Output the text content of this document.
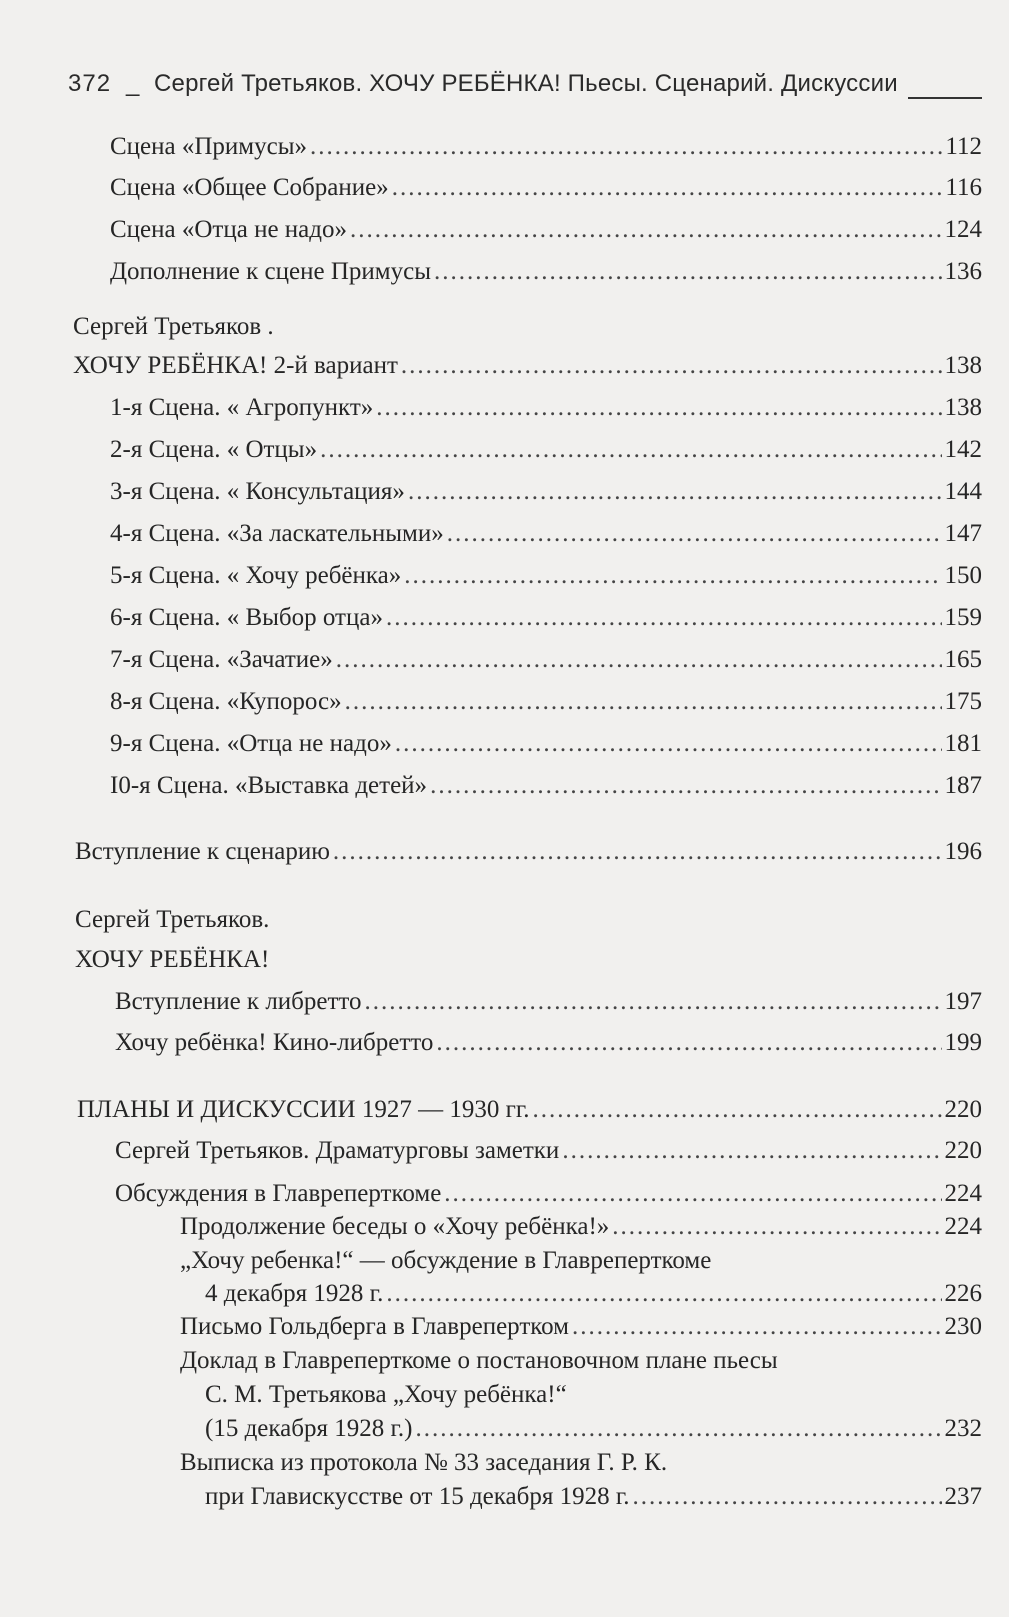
372 _ Сергей Третьяков. ХОЧУ РЕБЁНКА! Пьесы. Сценарий. Дискуссии
Сцена «Примусы» .....	112
Сцена «Общее Собрание» .....	116
Сцена «Отца не надо» .....	124
Дополнение к сцене Примусы .....	136
Сергей Третьяков .
ХОЧУ РЕБЁНКА! 2-й вариант .....	138
1-я Сцена. « Агропункт» .....	138
2-я Сцена. « Отцы» .....	142
3-я Сцена. « Консультация» .....	144
4-я Сцена. «За ласкательными» .....	147
5-я Сцена. « Хочу ребёнка» .....	150
6-я Сцена. « Выбор отца» .....	159
7-я Сцена. «Зачатие» .....	165
8-я Сцена. «Купорос» .....	175
9-я Сцена. «Отца не надо» .....	181
I0-я Сцена. «Выставка детей» .....	187
Вступление к сценарию .....	196
Сергей Третьяков.
ХОЧУ РЕБЁНКА!
Вступление к либретто .....	197
Хочу ребёнка! Кино-либретто .....	199
ПЛАНЫ И ДИСКУССИИ 1927 — 1930 гг. .....	220
Сергей Третьяков. Драматурговы заметки .....	220
Обсуждения в Главреперткоме .....	224
Продолжение беседы о «Хочу ребёнка!» .....	224
„Хочу ребенка!“ — обсуждение в Главреперткоме
4 декабря 1928 г. .....	226
Письмо Гольдберга в Главрепертком .....	230
Доклад в Главреперткоме о постановочном плане пьесы
С. М. Третьякова „Хочу ребёнка!“
(15 декабря 1928 г.) .....	232
Выписка из протокола № 33 заседания Г. Р. К.
при Главискусстве от 15 декабря 1928 г. .....	237
